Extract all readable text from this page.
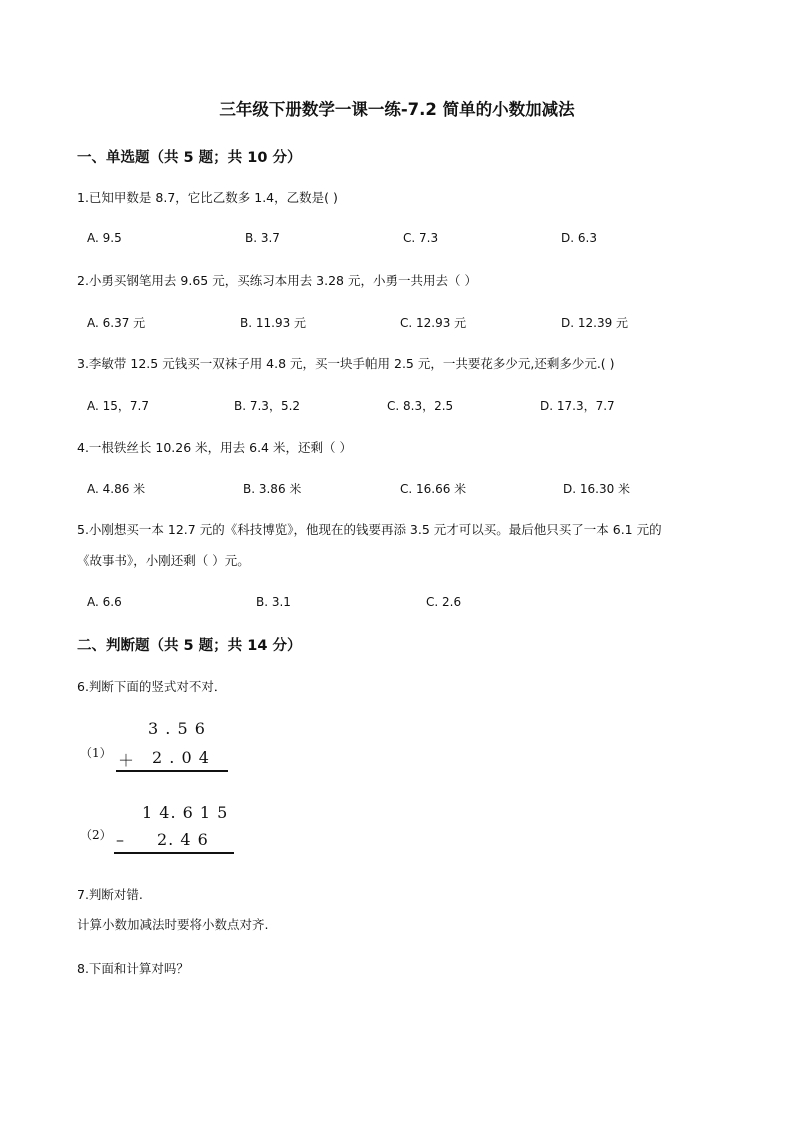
三年级下册数学一课一练-7.2 简单的小数加减法
一、单选题（共 5 题；共 10 分）
1.已知甲数是 8.7，它比乙数多 1.4，乙数是( )
A. 9.5	B. 3.7	C. 7.3	D. 6.3
2.小勇买钢笔用去 9.65 元，买练习本用去 3.28 元，小勇一共用去（ ）
A. 6.37 元	B. 11.93 元	C. 12.93 元	D. 12.39 元
3.李敏带 12.5 元钱买一双袜子用 4.8 元，买一块手帕用 2.5 元，一共要花多少元,还剩多少元.( )
A. 15，7.7	B. 7.3，5.2	C. 8.3，2.5	D. 17.3，7.7
4.一根铁丝长 10.26 米，用去 6.4 米，还剩（ ）
A. 4.86 米	B. 3.86 米	C. 16.66 米	D. 16.30 米
5.小刚想买一本 12.7 元的《科技博览》，他现在的钱要再添 3.5 元才可以买。最后他只买了一本 6.1 元的
《故事书》，小刚还剩（ ）元。
A. 6.6	B. 3.1	C. 2.6
二、判断题（共 5 题；共 14 分）
6.判断下面的竖式对不对．
3 . 5 6
（1） ＋ 2 . 0 4
1 4. 6 1 5
（2） – 2. 4 6
7.判断对错.
计算小数加减法时要将小数点对齐.
8.下面和计算对吗？
